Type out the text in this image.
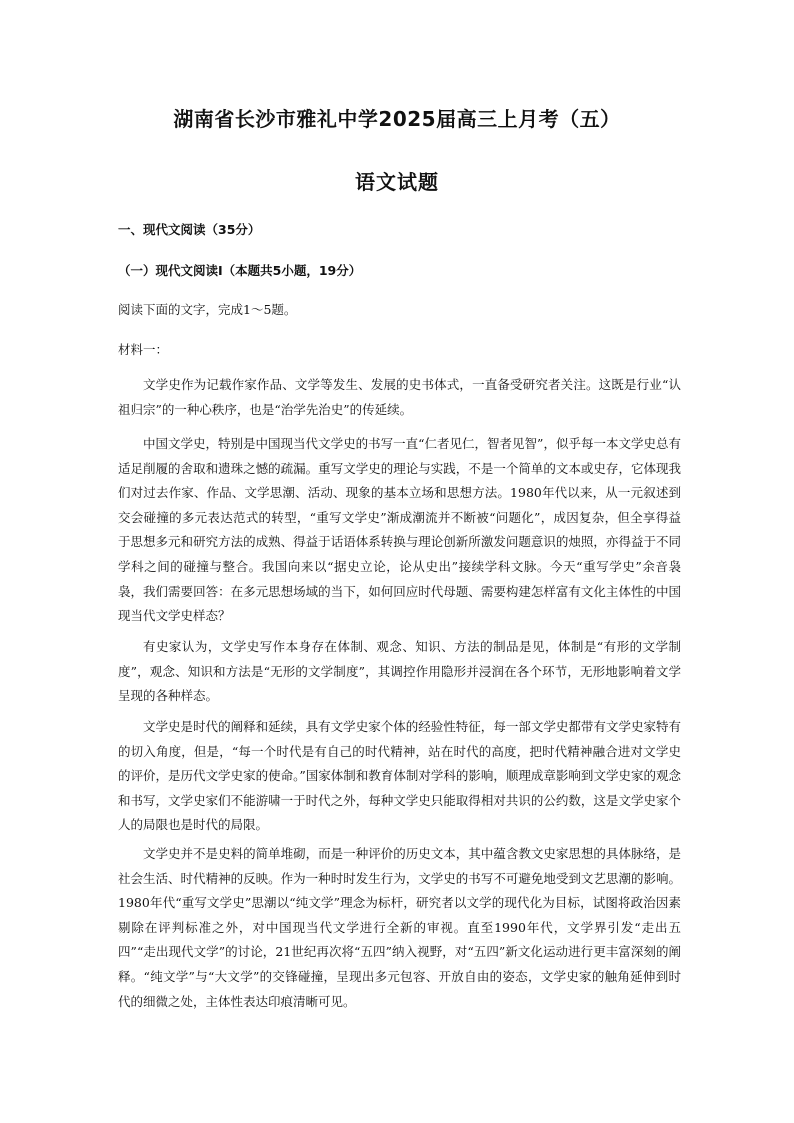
湖南省长沙市雅礼中学2025届高三上月考（五）
语文试题

一、现代文阅读（35分）

（一）现代文阅读Ⅰ（本题共5小题，19分）

阅读下面的文字，完成1～5题。

材料一：

文学史作为记载作家作品、文学等发生、发展的史书体式，一直备受研究者关注。这既是行业“认祖归宗”的一种心秩序，也是“治学先治史”的传延续。

中国文学史，特别是中国现当代文学史的书写一直“仁者见仁，智者见智”，似乎每一本文学史总有适足削履的舍取和遗珠之憾的疏漏。重写文学史的理论与实践，不是一个简单的文本或史存，它体现我们对过去作家、作品、文学思潮、活动、现象的基本立场和思想方法。1980年代以来，从一元叙述到交会碰撞的多元表达范式的转型，“重写文学史”渐成潮流并不断被“问题化”，成因复杂，但全享得益于思想多元和研究方法的成熟、得益于话语体系转换与理论创新所激发问题意识的烛照，亦得益于不同学科之间的碰撞与整合。我国向来以“据史立论，论从史出”接续学科文脉。今天“重写学史”余音袅袅，我们需要回答：在多元思想场域的当下，如何回应时代母题、需要构建怎样富有文化主体性的中国现当代文学史样态？

有史家认为，文学史写作本身存在体制、观念、知识、方法的制品是见，体制是“有形的文学制度”，观念、知识和方法是“无形的文学制度”，其调控作用隐形并浸润在各个环节，无形地影响着文学呈现的各种样态。

文学史是时代的阐释和延续，具有文学史家个体的经验性特征，每一部文学史都带有文学史家特有的切入角度，但是，“每一个时代是有自己的时代精神，站在时代的高度，把时代精神融合进对文学史的评价，是历代文学史家的使命。”国家体制和教育体制对学科的影响，顺理成章影响到文学史家的观念和书写，文学史家们不能游啸一于时代之外，每种文学史只能取得相对共识的公约数，这是文学史家个人的局限也是时代的局限。

文学史并不是史料的简单堆砌，而是一种评价的历史文本，其中蕴含教文史家思想的具体脉络，是社会生活、时代精神的反映。作为一种时时发生行为，文学史的书写不可避免地受到文艺思潮的影响。1980年代“重写文学史”思潮以“纯文学”理念为标杆，研究者以文学的现代化为目标，试图将政治因素剔除在评判标准之外，对中国现当代文学进行全新的审视。直至1990年代，文学界引发“走出五四”“走出现代文学”的讨论，21世纪再次将“五四”纳入视野，对“五四”新文化运动进行更丰富深刻的阐释。“纯文学”与“大文学”的交锋碰撞，呈现出多元包容、开放自由的姿态，文学史家的触角延伸到时代的细微之处，主体性表达印痕清晰可见。
